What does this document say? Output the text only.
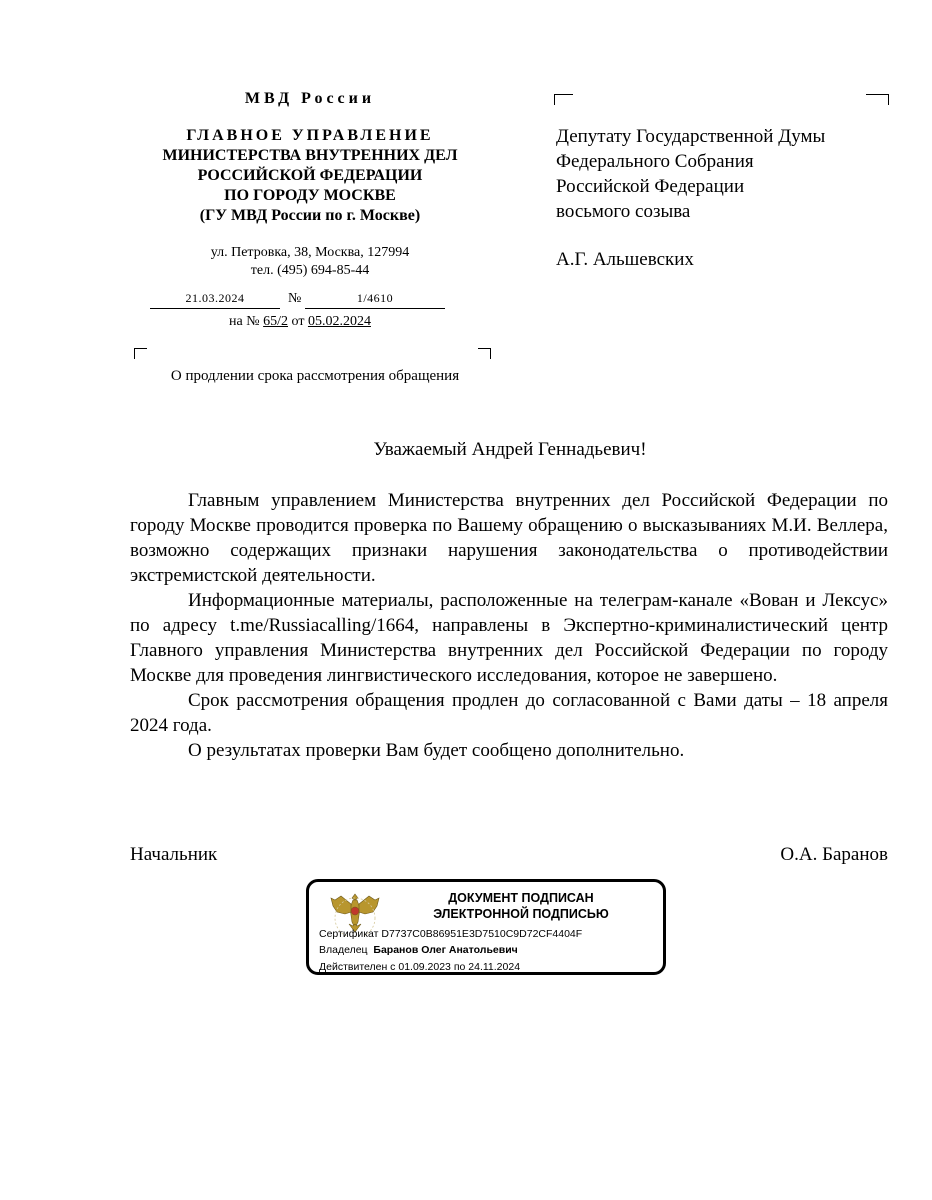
МВД России
ГЛАВНОЕ УПРАВЛЕНИЕ
МИНИСТЕРСТВА ВНУТРЕННИХ ДЕЛ
РОССИЙСКОЙ ФЕДЕРАЦИИ
ПО ГОРОДУ МОСКВЕ
(ГУ МВД России по г. Москве)
ул. Петровка, 38, Москва, 127994
тел. (495) 694-85-44
21.03.2024	№	1/4610
на № 65/2 от 05.02.2024
О продлении срока рассмотрения обращения
Депутату Государственной Думы
Федерального Собрания
Российской Федерации
восьмого созыва
А.Г. Альшевских
Уважаемый Андрей Геннадьевич!

Главным управлением Министерства внутренних дел Российской Федерации по городу Москве проводится проверка по Вашему обращению о высказываниях М.И. Веллера, возможно содержащих признаки нарушения законодательства о противодействии экстремистской деятельности.

Информационные материалы, расположенные на телеграм-канале «Вован и Лексус» по адресу t.me/Russiacalling/1664, направлены в Экспертно-криминалистический центр Главного управления Министерства внутренних дел Российской Федерации по городу Москве для проведения лингвистического исследования, которое не завершено.

Срок рассмотрения обращения продлен до согласованной с Вами даты – 18 апреля 2024 года.

О результатах проверки Вам будет сообщено дополнительно.

Начальник	О.А. Баранов
ДОКУМЕНТ ПОДПИСАН
ЭЛЕКТРОННОЙ ПОДПИСЬЮ
Сертификат D7737C0B86951E3D7510C9D72CF4404F
Владелец Баранов Олег Анатольевич
Действителен с 01.09.2023 по 24.11.2024
